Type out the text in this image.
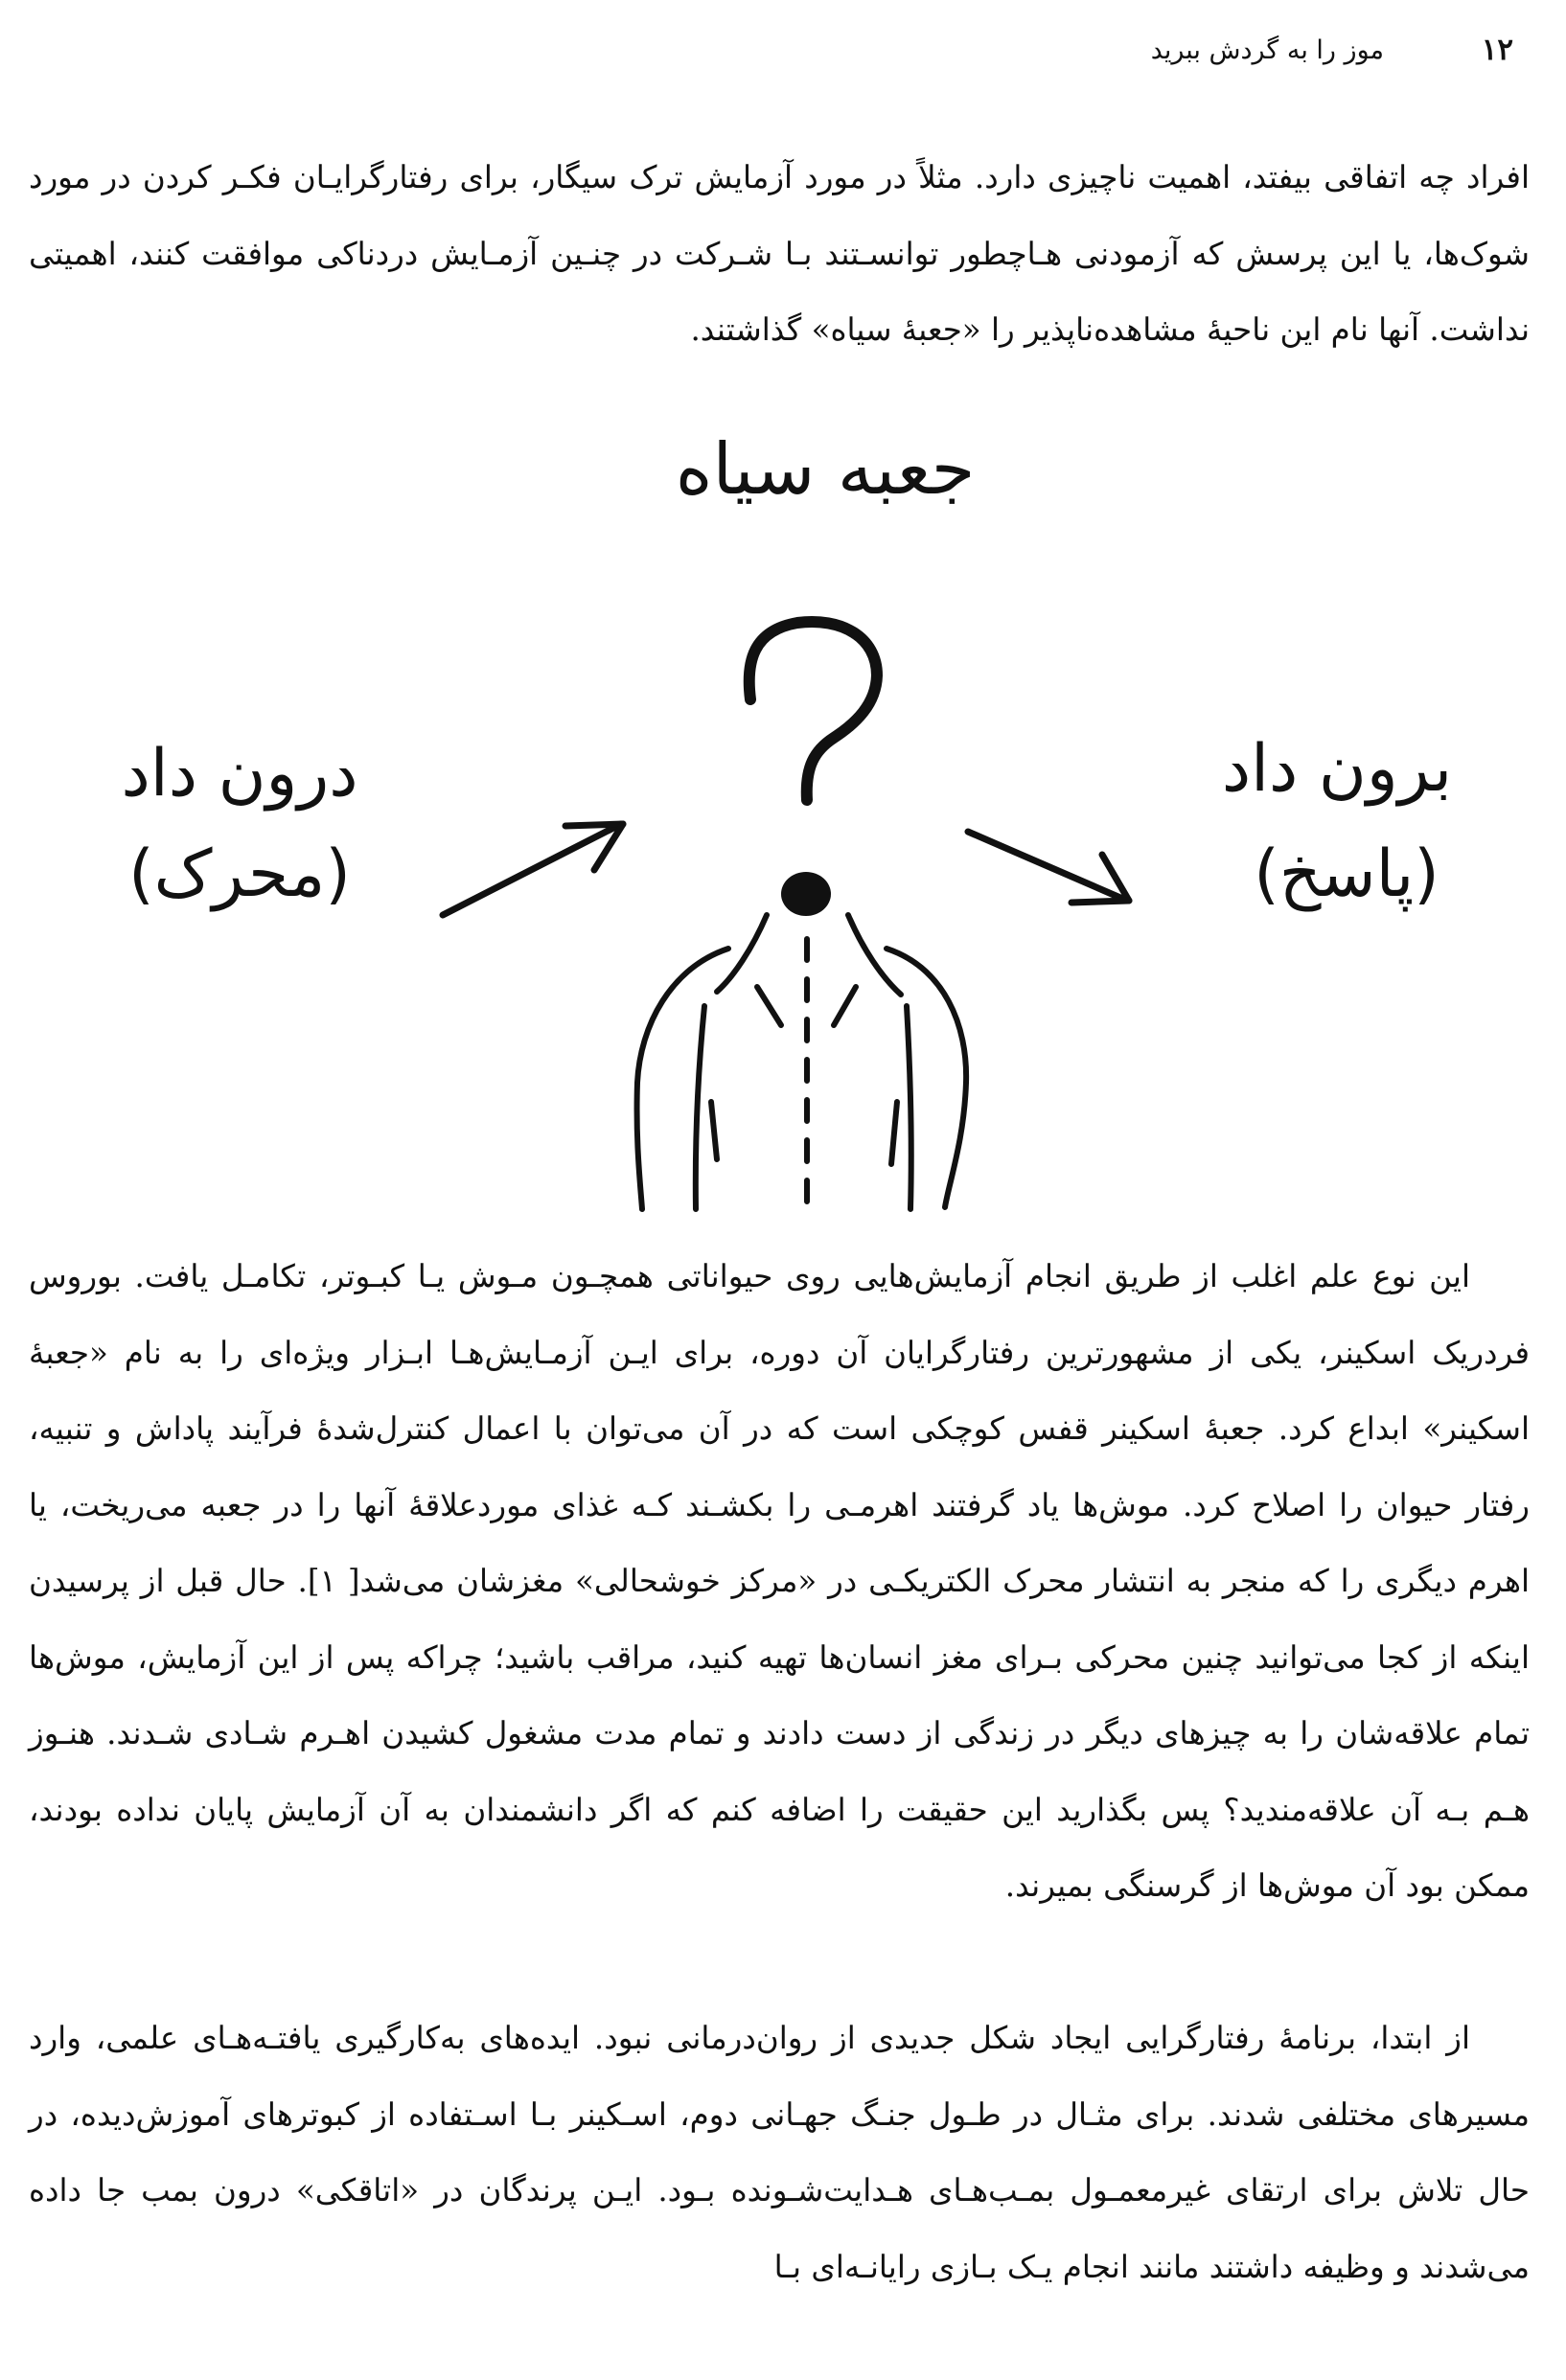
۱۲
موز را به گردش ببرید

افراد چه اتفاقی بیفتد، اهمیت ناچیزی دارد. مثلاً در مورد آزمایش ترک سیگار، برای رفتارگرایـان فکـر کردن در مورد شوک‌ها، یا این پرسش که آزمودنی هـاچطور توانسـتند بـا شـرکت در چنـین آزمـایش دردناکی موافقت کنند، اهمیتی نداشت. آنها نام این ناحیهٔ مشاهده‌ناپذیر را «جعبهٔ سیاه» گذاشتند.

جعبه سیاه
درون داد
(محرک)
برون داد
(پاسخ)

این نوع علم اغلب از طریق انجام آزمایش‌هایی روی حیواناتی همچـون مـوش یـا کبـوتر، تکامـل یافت. بوروس فردریک اسکینر، یکی از مشهورترین رفتارگرایان آن دوره، برای ایـن آزمـایش‌هـا ابـزار ویژه‌ای را به نام «جعبهٔ اسکینر» ابداع کرد. جعبهٔ اسکینر قفس کوچکی است که در آن می‌توان با اعمال کنترل‌شدهٔ فرآیند پاداش و تنبیه، رفتار حیوان را اصلاح کرد. موش‌ها یاد گرفتند اهرمـی را بکشـند کـه غذای موردعلاقهٔ آنها را در جعبه می‌ریخت، یا اهرم دیگری را که منجر به انتشار محرک الکتریکـی در «مرکز خوشحالی» مغزشان می‌شد[ ۱]. حال قبل از پرسیدن اینکه از کجا می‌توانید چنین محرکی بـرای مغز انسان‌ها تهیه کنید، مراقب باشید؛ چراکه پس از این آزمایش، موش‌ها تمام علاقه‌شان را به چیزهای دیگر در زندگی از دست دادند و تمام مدت مشغول کشیدن اهـرم شـادی شـدند. هنـوز هـم بـه آن علاقه‌مندید؟ پس بگذارید این حقیقت را اضافه کنم که اگر دانشمندان به آن آزمایش پایان نداده بودند، ممکن بود آن موش‌ها از گرسنگی بمیرند.

از ابتدا، برنامهٔ رفتارگرایی ایجاد شکل جدیدی از روان‌درمانی نبود. ایده‌های به‌کارگیری یافتـه‌هـای علمی، وارد مسیرهای مختلفی شدند. برای مثـال در طـول جنـگ جهـانی دوم، اسـکینر بـا اسـتفاده از کبوترهای آموزش‌دیده، در حال تلاش برای ارتقای غیرمعمـول بمـب‌هـای هـدایت‌شـونده بـود. ایـن پرندگان در «اتاقکی» درون بمب جا داده می‌شدند و وظیفه داشتند مانند انجام یـک بـازی رایانـه‌ای بـا
